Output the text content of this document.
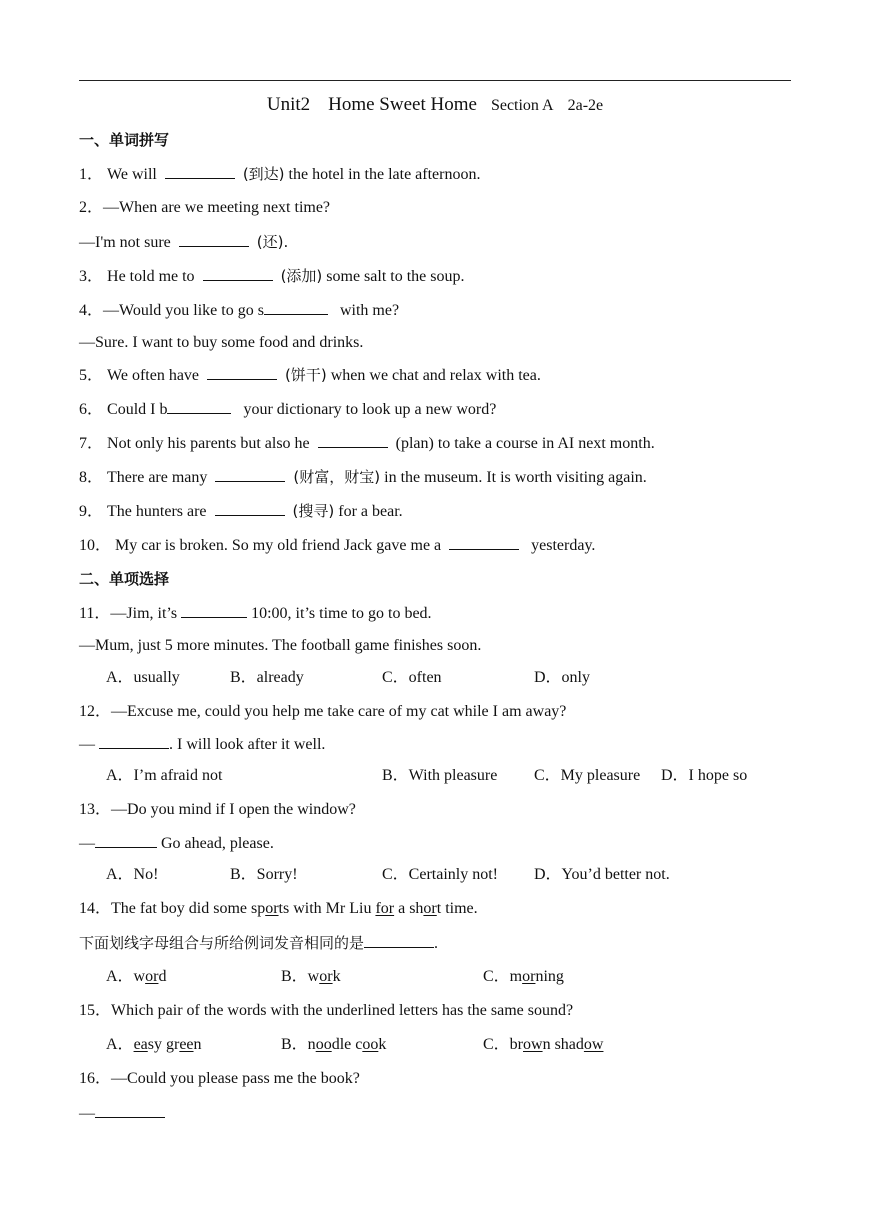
Unit2 Home Sweet Home Section A 2a-2e
一、单词拼写
1． We will	(到达) the hotel in the late afternoon.
2．—When are we meeting next time?
—I'm not sure	(还).
3． He told me to	(添加) some salt to the soup.
4．—Would you like to go s	with me?
—Sure. I want to buy some food and drinks.
5． We often have	(饼干) when we chat and relax with tea.
6． Could I b	your dictionary to look up a new word?
7． Not only his parents but also he	(plan) to take a course in AI next month.
8． There are many	(财富，财宝) in the museum. It is worth visiting again.
9． The hunters are	(搜寻) for a bear.
10． My car is broken. So my old friend Jack gave me a	yesterday.
二、单项选择
11．—Jim, it’s	10:00, it’s time to go to bed.
—Mum, just 5 more minutes. The football game finishes soon.
A．usually	B．already	C．often	D．only
12．—Excuse me, could you help me take care of my cat while I am away?
—	. I will look after it well.
A．I’m afraid not	B．With pleasure C．My pleasure D．I hope so
13．—Do you mind if I open the window?
—	Go ahead, please.
A．No!	B．Sorry!	C．Certainly not! D．You’d better not.
14．The fat boy did some sports with Mr Liu for a short time.
下面划线字母组合与所给例词发音相同的是	.
A．word	B．work	C．morning
15．Which pair of the words with the underlined letters has the same sound?
A．easy green	B．noodle cook	C．brown shadow
16．—Could you please pass me the book?
—
